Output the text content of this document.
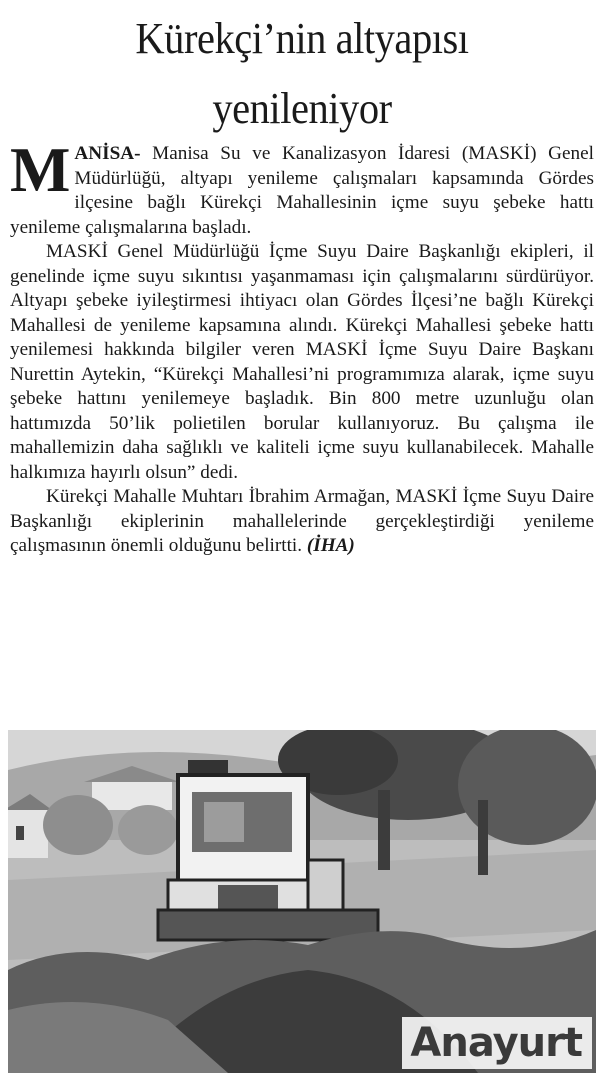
Kürekçi’nin altyapısı
yenileniyor

MANİSA- Manisa Su ve Kanalizasyon İdaresi (MASKİ) Genel Müdürlüğü, altyapı yenileme çalışmaları kapsamında Gördes ilçesine bağlı Kürekçi Mahallesinin içme suyu şebeke hattı yenileme çalışmalarına başladı.

MASKİ Genel Müdürlüğü İçme Suyu Daire Başkanlığı ekipleri, il genelinde içme suyu sıkıntısı yaşanmaması için çalışmalarını sürdürüyor. Altyapı şebeke iyileştirmesi ihtiyacı olan Gördes İlçesi’ne bağlı Kürekçi Mahallesi de yenileme kapsamına alındı. Kürekçi Mahallesi şebeke hattı yenilemesi hakkında bilgiler veren MASKİ İçme Suyu Daire Başkanı Nurettin Aytekin, “Kürekçi Mahallesi’ni programımıza alarak, içme suyu şebeke hattını yenilemeye başladık. Bin 800 metre uzunluğu olan hattımızda 50’lik polietilen borular kullanıyoruz. Bu çalışma ile mahallemizin daha sağlıklı ve kaliteli içme suyu kullanabilecek. Mahalle halkımıza hayırlı olsun” dedi.

Kürekçi Mahalle Muhtarı İbrahim Armağan, MASKİ İçme Suyu Daire Başkanlığı ekiplerinin mahallelerinde gerçekleştirdiği yenileme çalışmasının önemli olduğunu belirtti. (İHA)

Anayurt
